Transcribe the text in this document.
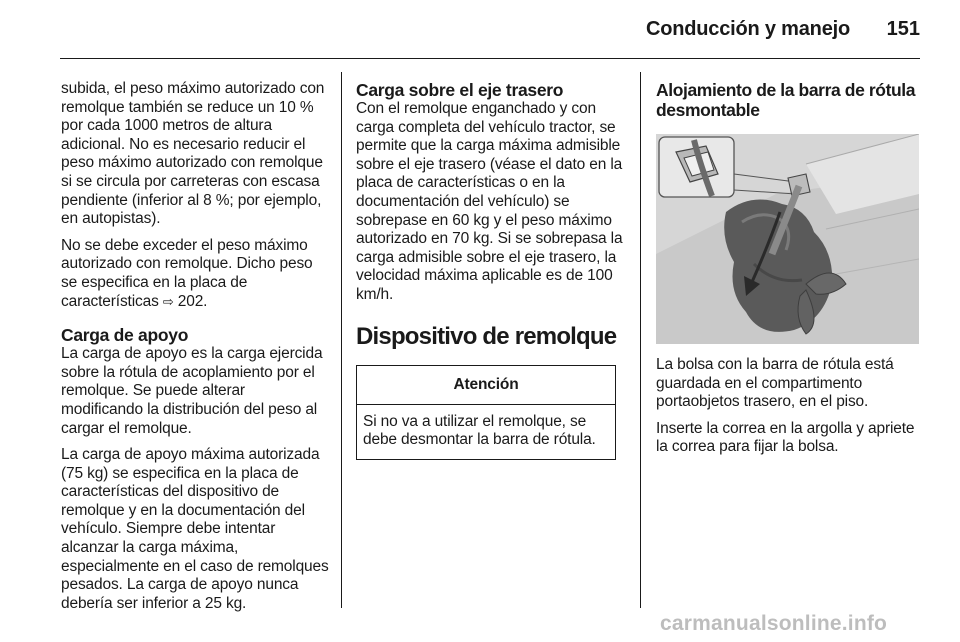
Conducción y manejo	151

subida, el peso máximo autorizado con remolque también se reduce un 10 % por cada 1000 metros de altura adicional. No es necesario reducir el peso máximo autorizado con remolque si se circula por carreteras con escasa pendiente (inferior al 8 %; por ejemplo, en autopistas).

No se debe exceder el peso máximo autorizado con remolque. Dicho peso se especifica en la placa de características ⇨ 202.

Carga de apoyo

La carga de apoyo es la carga ejercida sobre la rótula de acoplamiento por el remolque. Se puede alterar modificando la distribución del peso al cargar el remolque.

La carga de apoyo máxima autorizada (75 kg) se especifica en la placa de características del dispositivo de remolque y en la documentación del vehículo. Siempre debe intentar alcanzar la carga máxima, especialmente en el caso de remolques pesados. La carga de apoyo nunca debería ser inferior a 25 kg.

Carga sobre el eje trasero

Con el remolque enganchado y con carga completa del vehículo tractor, se permite que la carga máxima admisible sobre el eje trasero (véase el dato en la placa de características o en la documentación del vehículo) se sobrepase en 60 kg y el peso máximo autorizado en 70 kg. Si se sobrepasa la carga admisible sobre el eje trasero, la velocidad máxima aplicable es de 100 km/h.

Dispositivo de remolque
Atención
Si no va a utilizar el remolque, se debe desmontar la barra de rótula.
Alojamiento de la barra de rótula desmontable

La bolsa con la barra de rótula está guardada en el compartimento portaobjetos trasero, en el piso.

Inserte la correa en la argolla y apriete la correa para fijar la bolsa.

carmanualsonline.info
